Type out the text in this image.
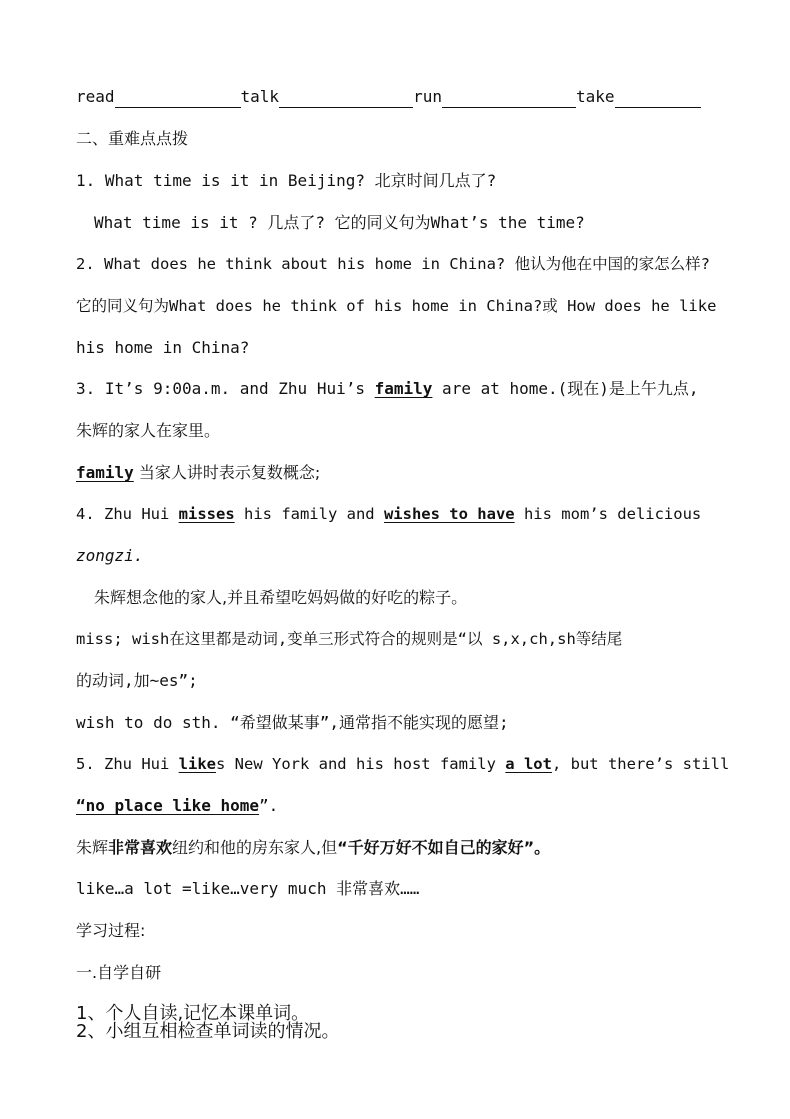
read	talk	run	take
二、重难点点拨
1. What time is it in Beijing? 北京时间几点了?
What time is it ? 几点了? 它的同义句为What’s the time?
2. What does he think about his home in China? 他认为他在中国的家怎么样?
它的同义句为What does he think of his home in China?或 How does he like
his home in China?
3. It’s 9:00a.m. and Zhu Hui’s family are at home.(现在)是上午九点,
朱辉的家人在家里。
family 当家人讲时表示复数概念;
4. Zhu Hui misses his family and wishes to have his mom’s delicious
zongzi.
朱辉想念他的家人,并且希望吃妈妈做的好吃的粽子。
miss; wish在这里都是动词,变单三形式符合的规则是“以 s,x,ch,sh等结尾
的动词,加~es”;
wish to do sth. “希望做某事”,通常指不能实现的愿望;
5. Zhu Hui likes New York and his host family a lot, but there’s still
“no place like home”.
朱辉非常喜欢纽约和他的房东家人,但“千好万好不如自己的家好”。
like…a lot =like…very much 非常喜欢……
学习过程:
一.自学自研
1、个人自读,记忆本课单词。
2、小组互相检查单词读的情况。
